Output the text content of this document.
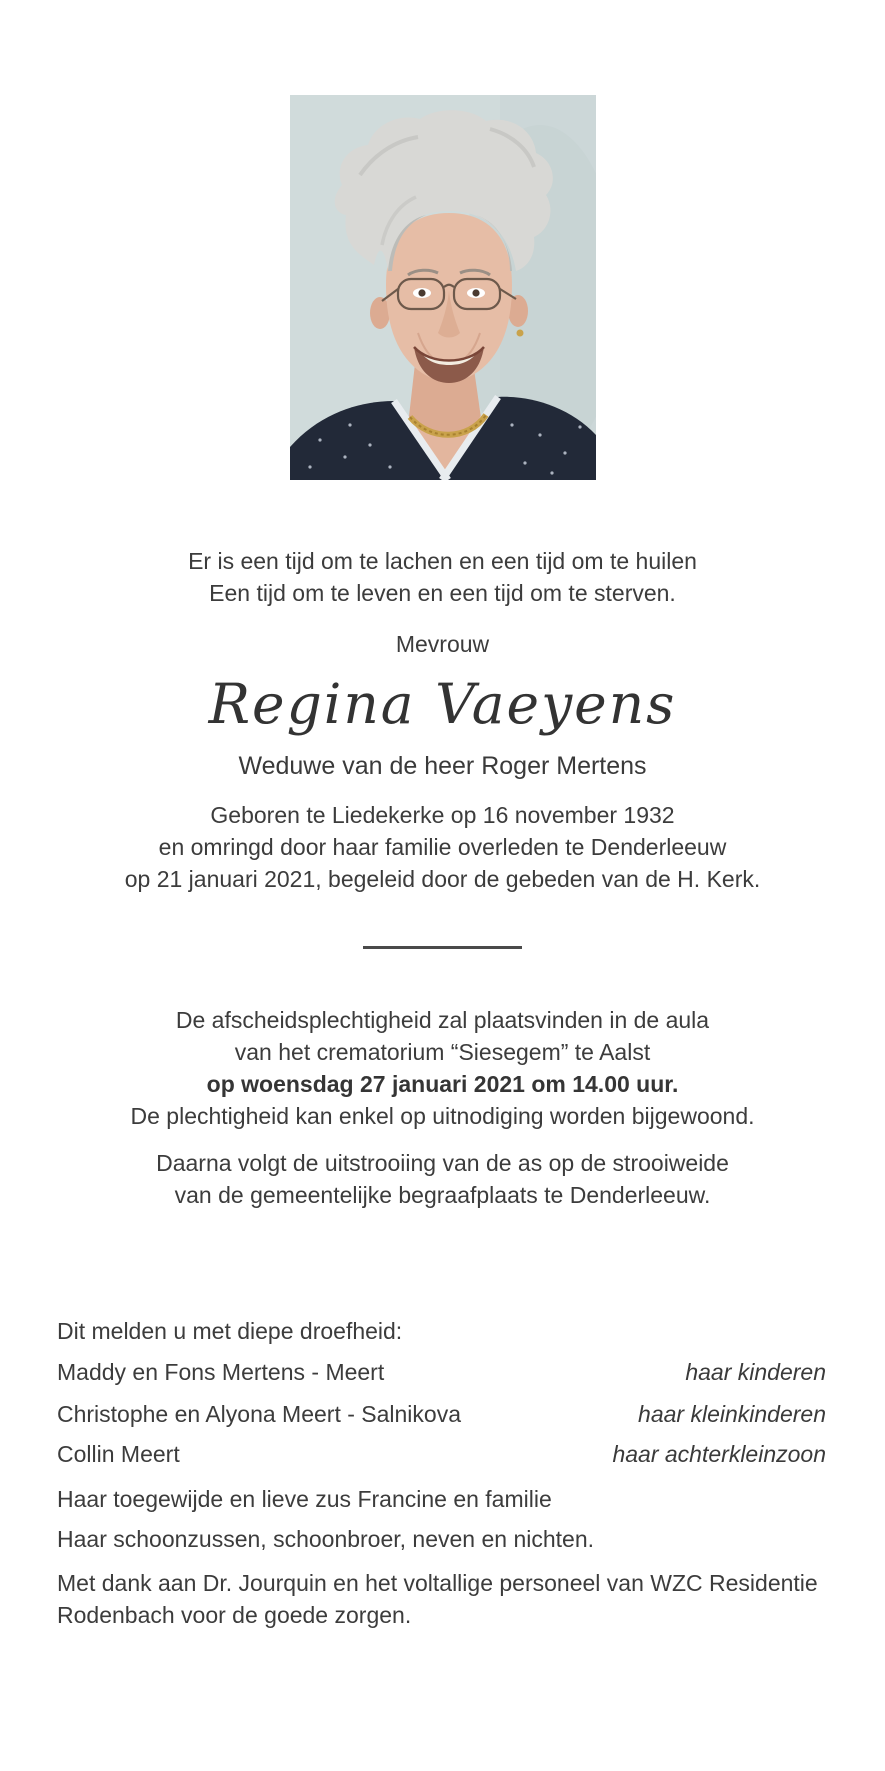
Er is een tijd om te lachen en een tijd om te huilen
Een tijd om te leven en een tijd om te sterven.
Mevrouw
Regina Vaeyens
Weduwe van de heer Roger Mertens
Geboren te Liedekerke op 16 november 1932
en omringd door haar familie overleden te Denderleeuw
op 21 januari 2021, begeleid door de gebeden van de H. Kerk.
De afscheidsplechtigheid zal plaatsvinden in de aula
van het crematorium “Siesegem” te Aalst
op woensdag 27 januari 2021 om 14.00 uur.
De plechtigheid kan enkel op uitnodiging worden bijgewoond.
Daarna volgt de uitstrooiing van de as op de strooiweide
van de gemeentelijke begraafplaats te Denderleeuw.
Dit melden u met diepe droefheid:
Maddy en Fons Mertens - Meert	haar kinderen
Christophe en Alyona Meert - Salnikova	haar kleinkinderen
Collin Meert	haar achterkleinzoon
Haar toegewijde en lieve zus Francine en familie
Haar schoonzussen, schoonbroer, neven en nichten.
Met dank aan Dr. Jourquin en het voltallige personeel van WZC Residentie
Rodenbach voor de goede zorgen.
